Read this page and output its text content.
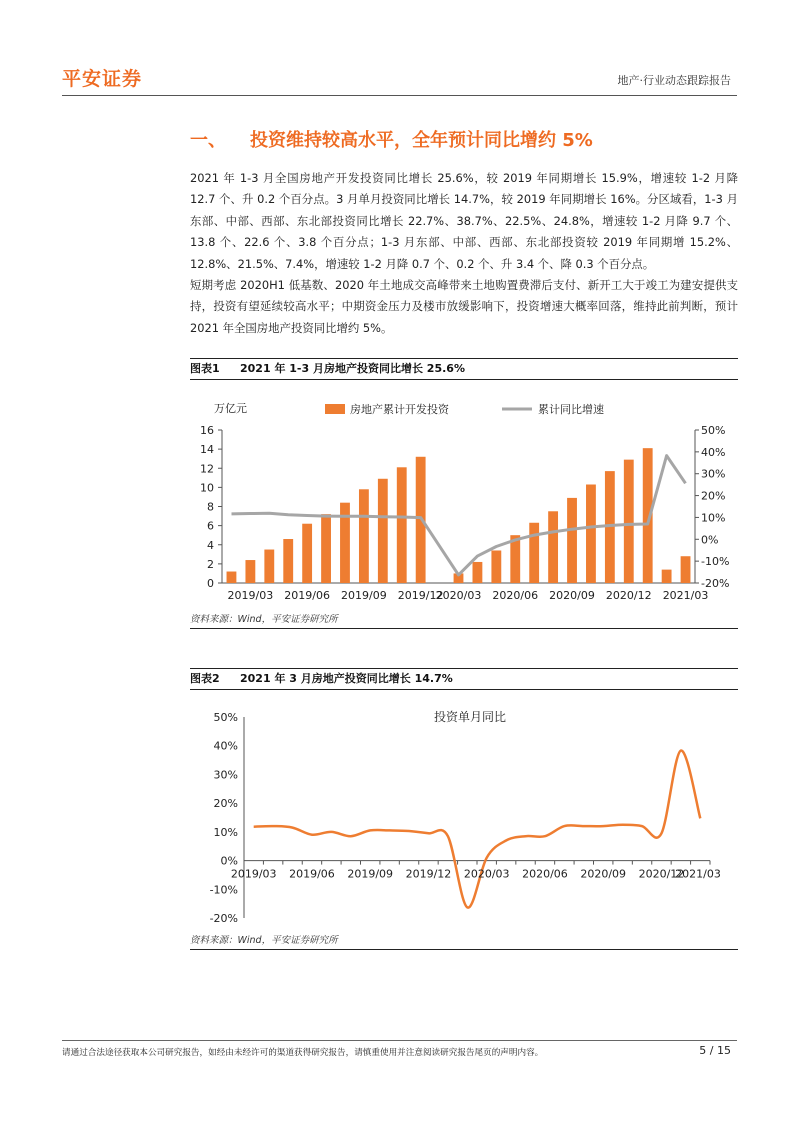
平安证券	地产·行业动态跟踪报告
一、 投资维持较高水平，全年预计同比增约 5%
2021 年 1-3 月全国房地产开发投资同比增长 25.6%，较 2019 年同期增长 15.9%，增速较 1-2 月降 12.7 个、升 0.2 个百分点。3 月单月投资同比增长 14.7%，较 2019 年同期增长 16%。分区域看，1-3 月东部、中部、西部、东北部投资同比增长 22.7%、38.7%、22.5%、24.8%，增速较 1-2 月降 9.7 个、13.8 个、22.6 个、3.8 个百分点；1-3 月东部、中部、西部、东北部投资较 2019 年同期增 15.2%、12.8%、21.5%、7.4%，增速较 1-2 月降 0.7 个、0.2 个、升 3.4 个、降 0.3 个百分点。
短期考虑 2020H1 低基数、2020 年土地成交高峰带来土地购置费滞后支付、新开工大于竣工为建安提供支持，投资有望延续较高水平；中期资金压力及楼市放缓影响下，投资增速大概率回落，维持此前判断，预计 2021 年全国房地产投资同比增约 5%。
图表1 2021 年 1-3 月房地产投资同比增长 25.6%
0
2
4
6
8
10
12
14
16
-20%
-10%
0%
10%
20%
30%
40%
50%
万亿元	房地产累计开发投资	累计同比增速
2019/03 2019/06 2019/09 2019/12
2020/03 2020/06 2020/09 2020/12 2021/03
资料来源：Wind，平安证券研究所
图表2 2021 年 3 月房地产投资同比增长 14.7%
投资单月同比
-20%
-10%
0%
10%
20%
30%
40%
50%
2019/03 2019/06 2019/09 2019/12 2020/03 2020/06 2020/09 2020/12
2021/03
资料来源：Wind，平安证券研究所
请通过合法途径获取本公司研究报告，如经由未经许可的渠道获得研究报告，请慎重使用并注意阅读研究报告尾页的声明内容。	5 / 15
